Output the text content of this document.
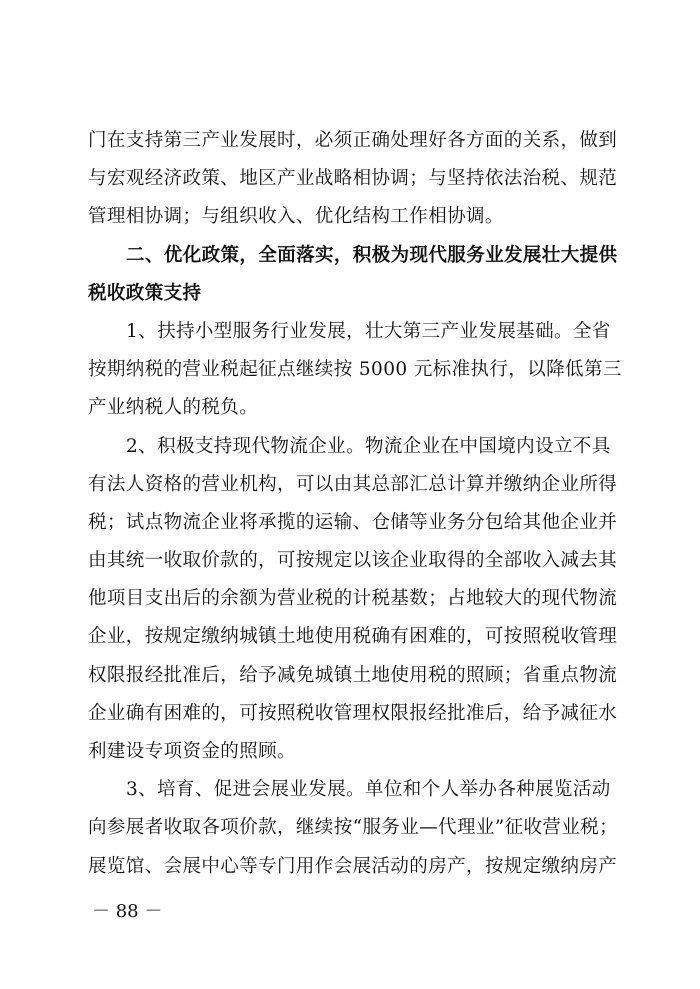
门在支持第三产业发展时，必须正确处理好各方面的关系，做到
与宏观经济政策、地区产业战略相协调；与坚持依法治税、规范
管理相协调；与组织收入、优化结构工作相协调。
二、优化政策，全面落实，积极为现代服务业发展壮大提供
税收政策支持
1、扶持小型服务行业发展，壮大第三产业发展基础。全省
按期纳税的营业税起征点继续按 5000 元标准执行，以降低第三
产业纳税人的税负。
2、积极支持现代物流企业。物流企业在中国境内设立不具
有法人资格的营业机构，可以由其总部汇总计算并缴纳企业所得
税；试点物流企业将承揽的运输、仓储等业务分包给其他企业并
由其统一收取价款的，可按规定以该企业取得的全部收入减去其
他项目支出后的余额为营业税的计税基数；占地较大的现代物流
企业，按规定缴纳城镇土地使用税确有困难的，可按照税收管理
权限报经批准后，给予减免城镇土地使用税的照顾；省重点物流
企业确有困难的，可按照税收管理权限报经批准后，给予减征水
利建设专项资金的照顾。
3、培育、促进会展业发展。单位和个人举办各种展览活动
向参展者收取各项价款，继续按“服务业—代理业”征收营业税；
展览馆、会展中心等专门用作会展活动的房产，按规定缴纳房产
－ 88 －
